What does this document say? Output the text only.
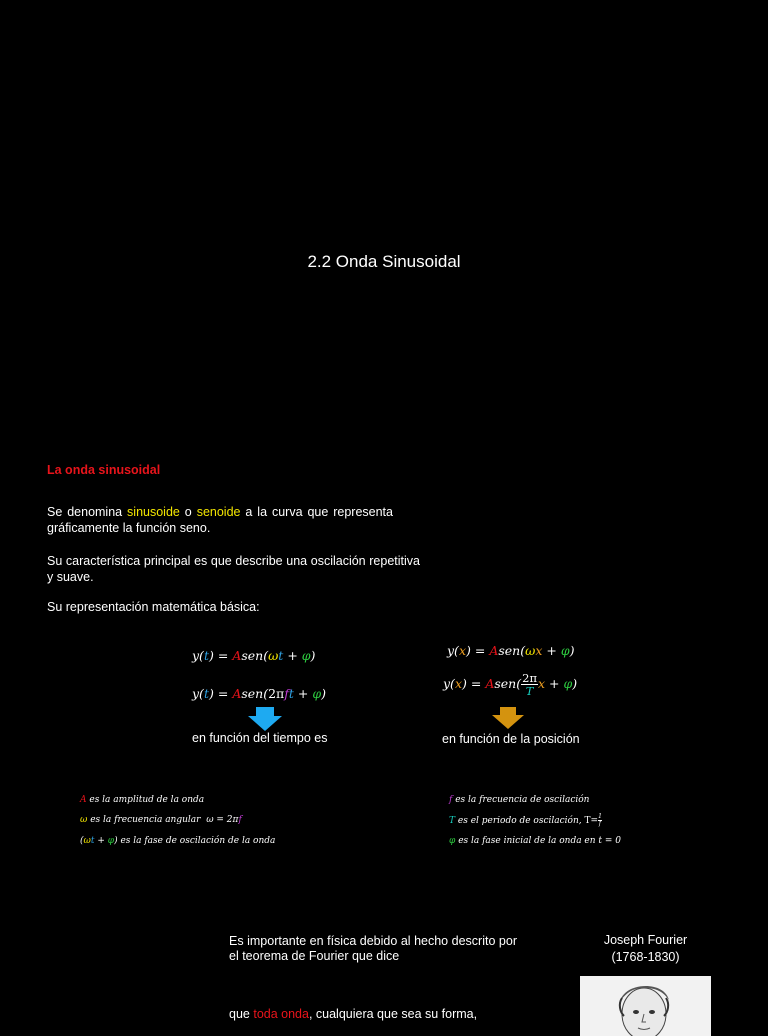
2.2 Onda Sinusoidal
La onda sinusoidal
Se denomina sinusoide o senoide a la curva que representa gráficamente la función seno.
Su característica principal es que describe una oscilación repetitiva y suave.
Su representación matemática básica:
y(t) = Asen(ωt + φ)
y(t) = Asen(2πft + φ)
en función del tiempo es
y(x) = Asen(ωx + φ)
y(x) = Asen( $\frac{2\pi}{T}$ x + φ)
en función de la posición
A es la amplitud de la onda
ω es la frecuencia angular  ω = 2πf
(ωt + φ) es la fase de oscilación de la onda
f es la frecuencia de oscilación
T es el periodo de oscilación, $T= \frac{1}{f}$
φ es la fase inicial de la onda en t = 0
Es importante en física debido al hecho descrito por el teorema de Fourier que dice
que toda onda, cualquiera que sea su forma,
Joseph Fourier
(1768-1830)
